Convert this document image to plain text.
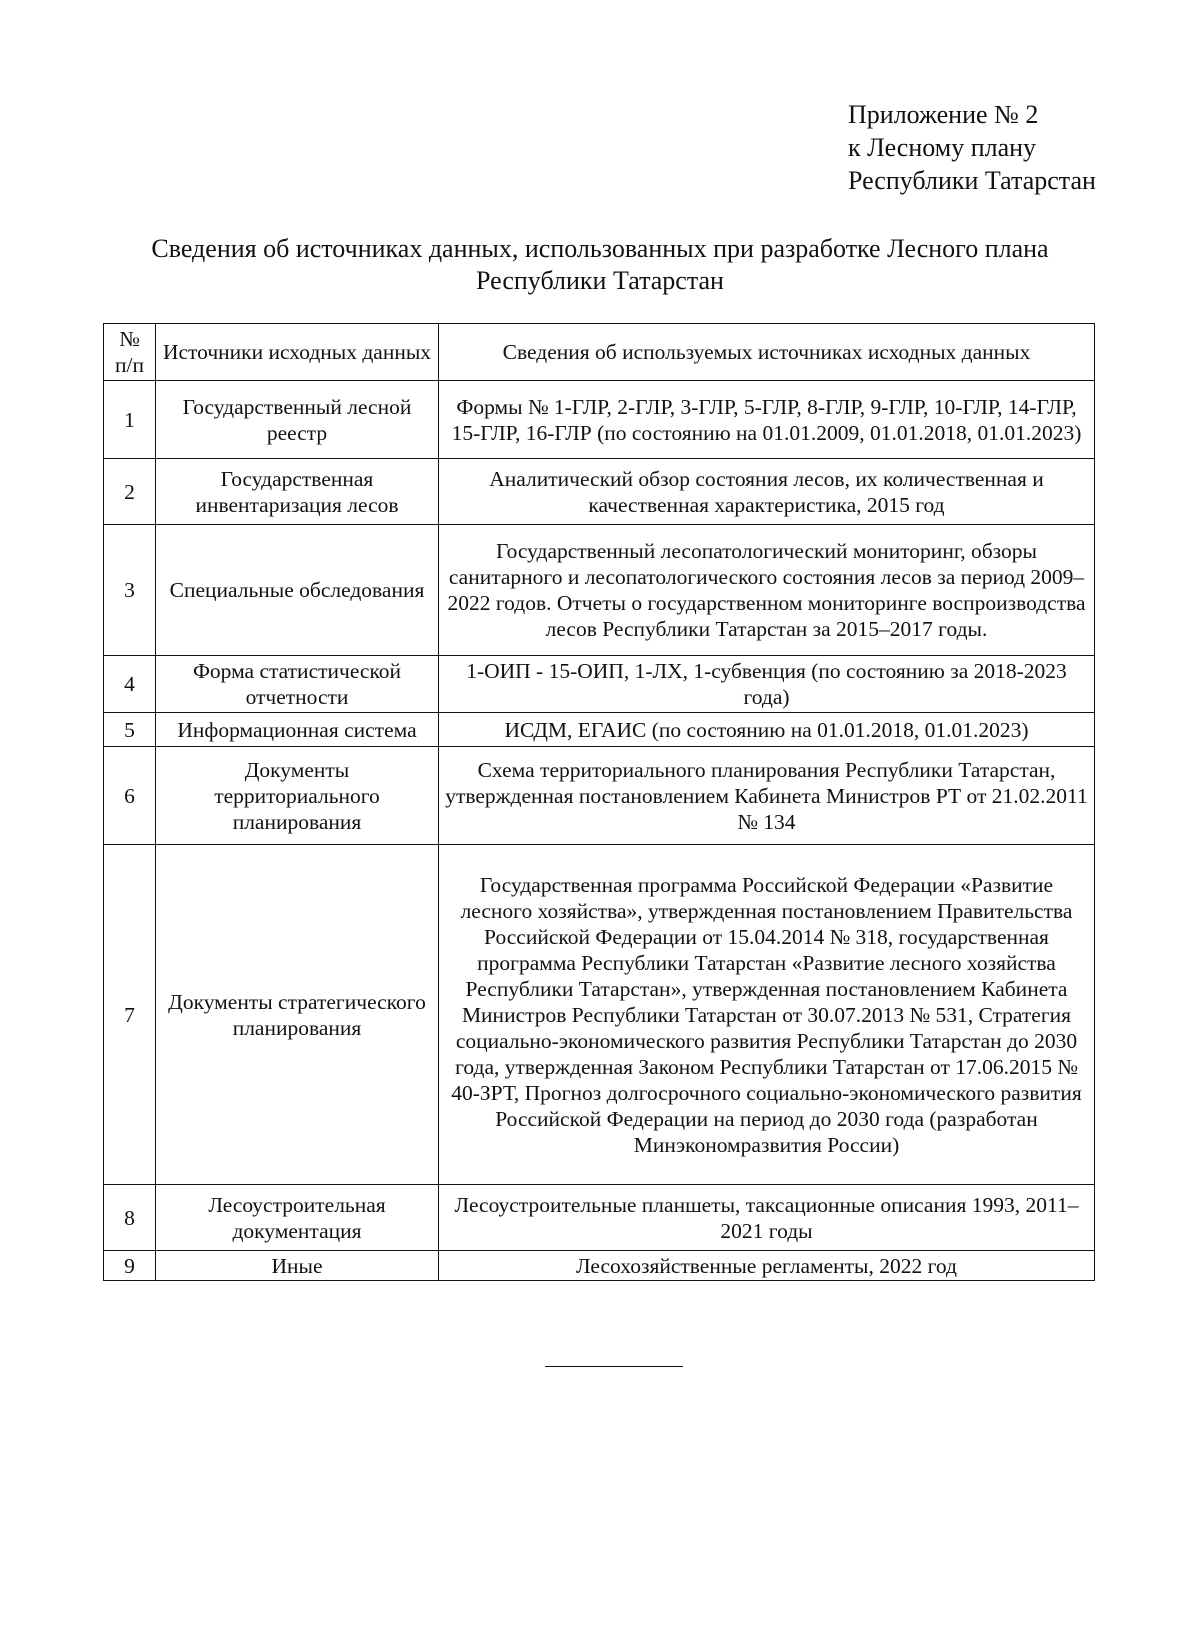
Приложение № 2
к Лесному плану
Республики Татарстан
Сведения об источниках данных, использованных при разработке Лесного плана
Республики Татарстан
№ п/п	Источники исходных данных	Сведения об используемых источниках исходных данных
1	Государственный лесной реестр	Формы № 1-ГЛР, 2-ГЛР, 3-ГЛР, 5-ГЛР, 8-ГЛР, 9-ГЛР, 10-ГЛР, 14-ГЛР, 15-ГЛР, 16-ГЛР (по состоянию на 01.01.2009, 01.01.2018, 01.01.2023)
2	Государственная инвентаризация лесов	Аналитический обзор состояния лесов, их количественная и качественная характеристика, 2015 год
3	Специальные обследования	Государственный лесопатологический мониторинг, обзоры санитарного и лесопатологического состояния лесов за период 2009–2022 годов. Отчеты о государственном мониторинге воспроизводства лесов Республики Татарстан за 2015–2017 годы.
4	Форма статистической отчетности	1-ОИП - 15-ОИП, 1-ЛХ, 1-субвенция (по состоянию за 2018-2023 года)
5	Информационная система	ИСДМ, ЕГАИС (по состоянию на 01.01.2018, 01.01.2023)
6	Документы территориального планирования	Схема территориального планирования Республики Татарстан, утвержденная постановлением Кабинета Министров РТ от 21.02.2011 № 134
7	Документы стратегического планирования	Государственная программа Российской Федерации «Развитие лесного хозяйства», утвержденная постановлением Правительства Российской Федерации от 15.04.2014 № 318, государственная программа Республики Татарстан «Развитие лесного хозяйства Республики Татарстан», утвержденная постановлением Кабинета Министров Республики Татарстан от 30.07.2013 № 531, Стратегия социально-экономического развития Республики Татарстан до 2030 года, утвержденная Законом Республики Татарстан от 17.06.2015 № 40-ЗРТ, Прогноз долгосрочного социально-экономического развития Российской Федерации на период до 2030 года (разработан Минэкономразвития России)
8	Лесоустроительная документация	Лесоустроительные планшеты, таксационные описания 1993, 2011–2021 годы
9	Иные	Лесохозяйственные регламенты, 2022 год
